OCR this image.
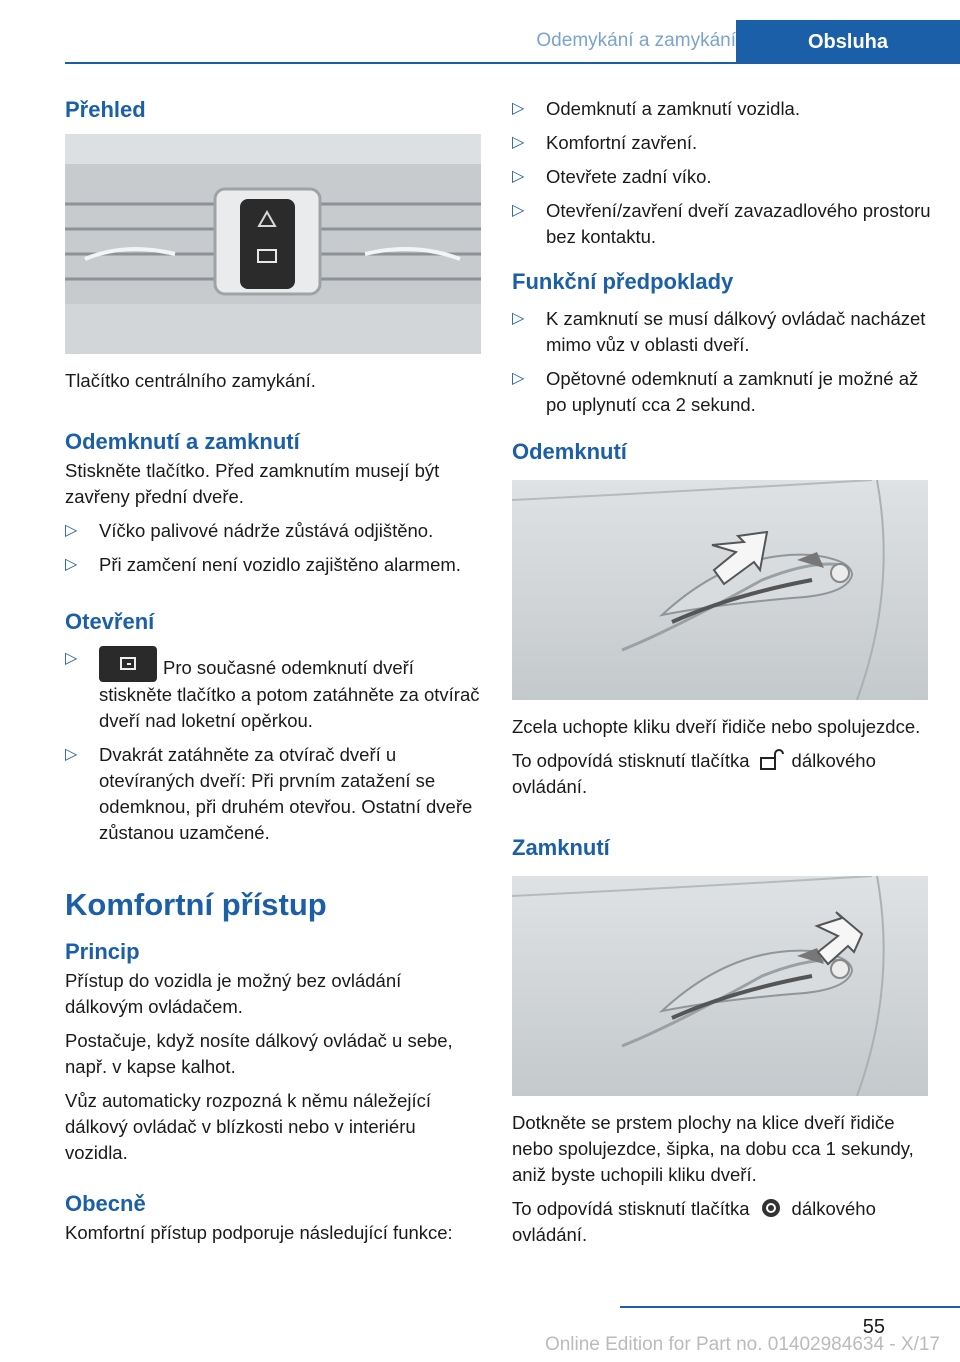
Odemykání a zamykání	Obsluha
Přehled

Tlačítko centrálního zamykání.

Odemknutí a zamknutí

Stiskněte tlačítko. Před zamknutím musejí být zavřeny přední dveře.

▷ Víčko palivové nádrže zůstává odjištěno.
▷ Při zamčení není vozidlo zajištěno alarmem.
Otevření
▷	Pro současné odemknutí dveří stiskněte tlačítko a potom zatáhněte za otvírač dveří nad loketní opěrkou.
▷ Dvakrát zatáhněte za otvírač dveří u otevíraných dveří: Při prvním zatažení se odemknou, při druhém otevřou. Ostatní dveře zůstanou uzamčené.
Komfortní přístup
Princip

Přístup do vozidla je možný bez ovládání dálkovým ovládačem.

Postačuje, když nosíte dálkový ovládač u sebe, např. v kapse kalhot.

Vůz automaticky rozpozná k němu náležející dálkový ovládač v blízkosti nebo v interiéru vozidla.

Obecně

Komfortní přístup podporuje následující funkce:

▷ Odemknutí a zamknutí vozidla.
▷ Komfortní zavření.
▷ Otevřete zadní víko.
▷ Otevření/zavření dveří zavazadlového prostoru bez kontaktu.
Funkční předpoklady
▷ K zamknutí se musí dálkový ovládač nacházet mimo vůz v oblasti dveří.
▷ Opětovné odemknutí a zamknutí je možné až po uplynutí cca 2 sekund.
Odemknutí

Zcela uchopte kliku dveří řidiče nebo spolujezdce.

To odpovídá stisknutí tlačítka dálkového ovládání.

Zamknutí

Dotkněte se prstem plochy na klice dveří řidiče nebo spolujezdce, šipka, na dobu cca 1 sekundy, aniž byste uchopili kliku dveří.

To odpovídá stisknutí tlačítka dálkového ovládání.

55
Online Edition for Part no. 01402984634 - X/17
